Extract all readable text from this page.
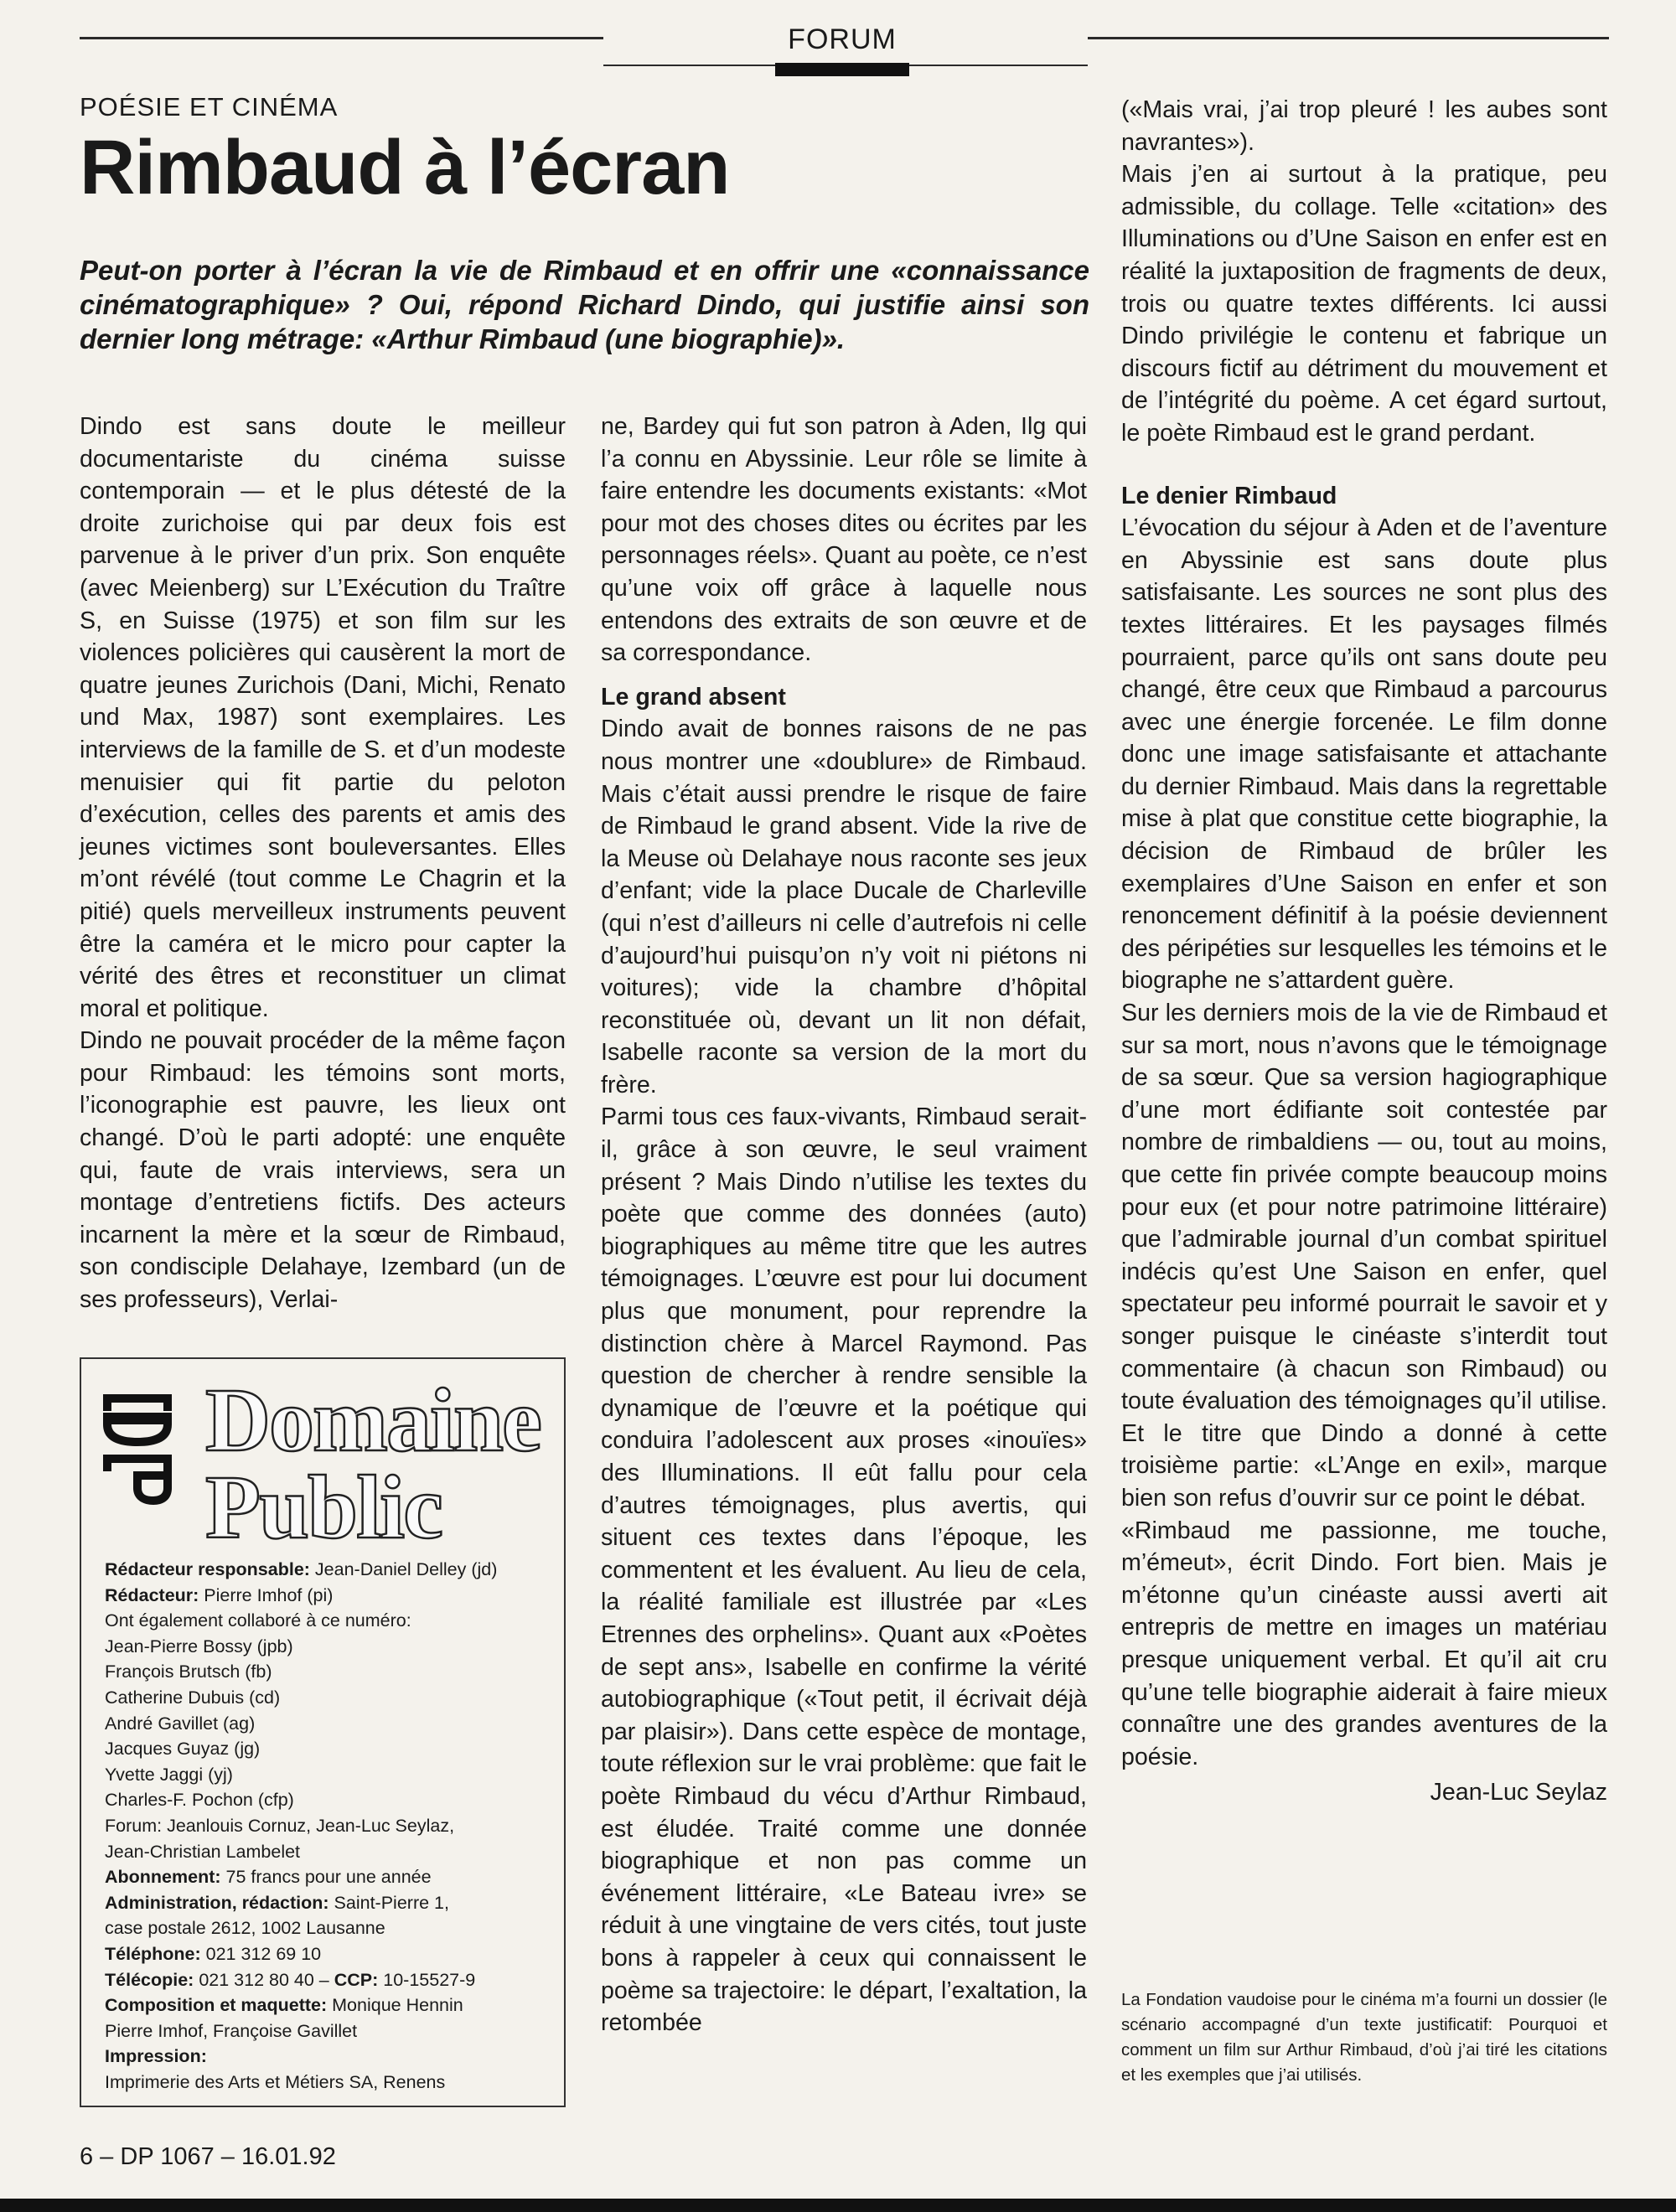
FORUM
POÉSIE ET CINÉMA
Rimbaud à l’écran

Peut-on porter à l’écran la vie de Rimbaud et en offrir une «connaissance cinématographique» ? Oui, répond Richard Dindo, qui justifie ainsi son dernier long métrage: «Arthur Rimbaud (une biographie)».

Dindo est sans doute le meilleur documentariste du cinéma suisse contemporain — et le plus détesté de la droite zurichoise qui par deux fois est parvenue à le priver d’un prix. Son enquête (avec Meienberg) sur L’Exécution du Traître S, en Suisse (1975) et son film sur les violences policières qui causèrent la mort de quatre jeunes Zurichois (Dani, Michi, Renato und Max, 1987) sont exemplaires. Les interviews de la famille de S. et d’un modeste menuisier qui fit partie du peloton d’exécution, celles des parents et amis des jeunes victimes sont bouleversantes. Elles m’ont révélé (tout comme Le Chagrin et la pitié) quels merveilleux instruments peuvent être la caméra et le micro pour capter la vérité des êtres et reconstituer un climat moral et politique.

Dindo ne pouvait procéder de la même façon pour Rimbaud: les témoins sont morts, l’iconographie est pauvre, les lieux ont changé. D’où le parti adopté: une enquête qui, faute de vrais interviews, sera un montage d’entretiens fictifs. Des acteurs incarnent la mère et la sœur de Rimbaud, son condisciple Delahaye, Izembard (un de ses professeurs), Verlai-

ne, Bardey qui fut son patron à Aden, Ilg qui l’a connu en Abyssinie. Leur rôle se limite à faire entendre les documents existants: «Mot pour mot des choses dites ou écrites par les personnages réels». Quant au poète, ce n’est qu’une voix off grâce à laquelle nous entendons des extraits de son œuvre et de sa correspondance.

Le grand absent

Dindo avait de bonnes raisons de ne pas nous montrer une «doublure» de Rimbaud. Mais c’était aussi prendre le risque de faire de Rimbaud le grand absent. Vide la rive de la Meuse où Delahaye nous raconte ses jeux d’enfant; vide la place Ducale de Charleville (qui n’est d’ailleurs ni celle d’autrefois ni celle d’aujourd’hui puisqu’on n’y voit ni piétons ni voitures); vide la chambre d’hôpital reconstituée où, devant un lit non défait, Isabelle raconte sa version de la mort du frère.

Parmi tous ces faux-vivants, Rimbaud serait-il, grâce à son œuvre, le seul vraiment présent ? Mais Dindo n’utilise les textes du poète que comme des données (auto) biographiques au même titre que les autres témoignages. L’œuvre est pour lui document plus que monument, pour reprendre la distinction chère à Marcel Raymond. Pas question de chercher à rendre sensible la dynamique de l’œuvre et la poétique qui conduira l’adolescent aux proses «inouïes» des Illuminations. Il eût fallu pour cela d’autres témoignages, plus avertis, qui situent ces textes dans l’époque, les commentent et les évaluent. Au lieu de cela, la réalité familiale est illustrée par «Les Etrennes des orphelins». Quant aux «Poètes de sept ans», Isabelle en confirme la vérité autobiographique («Tout petit, il écrivait déjà par plaisir»). Dans cette espèce de montage, toute réflexion sur le vrai problème: que fait le poète Rimbaud du vécu d’Arthur Rimbaud, est éludée. Traité comme une donnée biographique et non pas comme un événement littéraire, «Le Bateau ivre» se réduit à une vingtaine de vers cités, tout juste bons à rappeler à ceux qui connaissent le poème sa trajectoire: le départ, l’exaltation, la retombée

(«Mais vrai, j’ai trop pleuré ! les aubes sont navrantes»).

Mais j’en ai surtout à la pratique, peu admissible, du collage. Telle «citation» des Illuminations ou d’Une Saison en enfer est en réalité la juxtaposition de fragments de deux, trois ou quatre textes différents. Ici aussi Dindo privilégie le contenu et fabrique un discours fictif au détriment du mouvement et de l’intégrité du poème. A cet égard surtout, le poète Rimbaud est le grand perdant.

Le denier Rimbaud

L’évocation du séjour à Aden et de l’aventure en Abyssinie est sans doute plus satisfaisante. Les sources ne sont plus des textes littéraires. Et les paysages filmés pourraient, parce qu’ils ont sans doute peu changé, être ceux que Rimbaud a parcourus avec une énergie forcenée. Le film donne donc une image satisfaisante et attachante du dernier Rimbaud. Mais dans la regrettable mise à plat que constitue cette biographie, la décision de Rimbaud de brûler les exemplaires d’Une Saison en enfer et son renoncement définitif à la poésie deviennent des péripéties sur lesquelles les témoins et le biographe ne s’attardent guère.

Sur les derniers mois de la vie de Rimbaud et sur sa mort, nous n’avons que le témoignage de sa sœur. Que sa version hagiographique d’une mort édifiante soit contestée par nombre de rimbaldiens — ou, tout au moins, que cette fin privée compte beaucoup moins pour eux (et pour notre patrimoine littéraire) que l’admirable journal d’un combat spirituel indécis qu’est Une Saison en enfer, quel spectateur peu informé pourrait le savoir et y songer puisque le cinéaste s’interdit tout commentaire (à chacun son Rimbaud) ou toute évaluation des témoignages qu’il utilise. Et le titre que Dindo a donné à cette troisième partie: «L’Ange en exil», marque bien son refus d’ouvrir sur ce point le débat.

«Rimbaud me passionne, me touche, m’émeut», écrit Dindo. Fort bien. Mais je m’étonne qu’un cinéaste aussi averti ait entrepris de mettre en images un matériau presque uniquement verbal. Et qu’il ait cru qu’une telle biographie aiderait à faire mieux connaître une des grandes aventures de la poésie.

Jean-Luc Seylaz

La Fondation vaudoise pour le cinéma m’a fourni un dossier (le scénario accompagné d’un texte justificatif: Pourquoi et comment un film sur Arthur Rimbaud, d’où j’ai tiré les citations et les exemples que j’ai utilisés.
Domaine
Public
Rédacteur responsable: Jean-Daniel Delley (jd)
Rédacteur: Pierre Imhof (pi)
Ont également collaboré à ce numéro:
Jean-Pierre Bossy (jpb)
François Brutsch (fb)
Catherine Dubuis (cd)
André Gavillet (ag)
Jacques Guyaz (jg)
Yvette Jaggi (yj)
Charles-F. Pochon (cfp)
Forum: Jeanlouis Cornuz, Jean-Luc Seylaz,
Jean-Christian Lambelet
Abonnement: 75 francs pour une année
Administration, rédaction: Saint-Pierre 1,
case postale 2612, 1002 Lausanne
Téléphone: 021 312 69 10
Télécopie: 021 312 80 40 – CCP: 10-15527-9
Composition et maquette: Monique Hennin
Pierre Imhof, Françoise Gavillet
Impression:
Imprimerie des Arts et Métiers SA, Renens
6 – DP 1067 – 16.01.92
